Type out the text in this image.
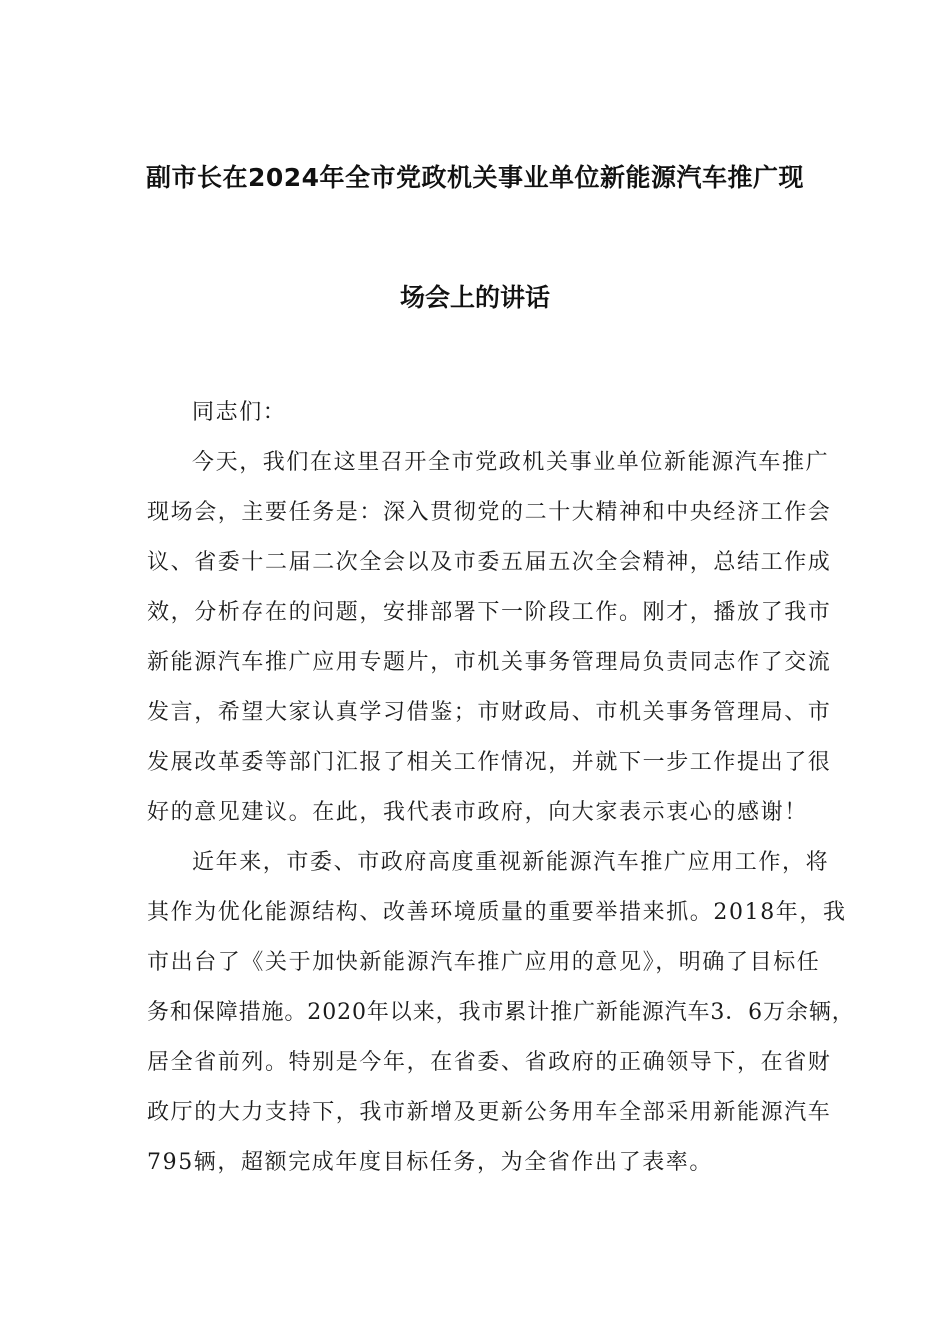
副市长在2024年全市党政机关事业单位新能源汽车推广现
场会上的讲话
同志们：
今天，我们在这里召开全市党政机关事业单位新能源汽车推广
现场会，主要任务是：深入贯彻党的二十大精神和中央经济工作会
议、省委十二届二次全会以及市委五届五次全会精神，总结工作成
效，分析存在的问题，安排部署下一阶段工作。刚才，播放了我市
新能源汽车推广应用专题片，市机关事务管理局负责同志作了交流
发言，希望大家认真学习借鉴；市财政局、市机关事务管理局、市
发展改革委等部门汇报了相关工作情况，并就下一步工作提出了很
好的意见建议。在此，我代表市政府，向大家表示衷心的感谢！
近年来，市委、市政府高度重视新能源汽车推广应用工作，将
其作为优化能源结构、改善环境质量的重要举措来抓。2018年，我
市出台了《关于加快新能源汽车推广应用的意见》，明确了目标任
务和保障措施。2020年以来，我市累计推广新能源汽车3．6万余辆，
居全省前列。特别是今年，在省委、省政府的正确领导下，在省财
政厅的大力支持下，我市新增及更新公务用车全部采用新能源汽车
795辆，超额完成年度目标任务，为全省作出了表率。
